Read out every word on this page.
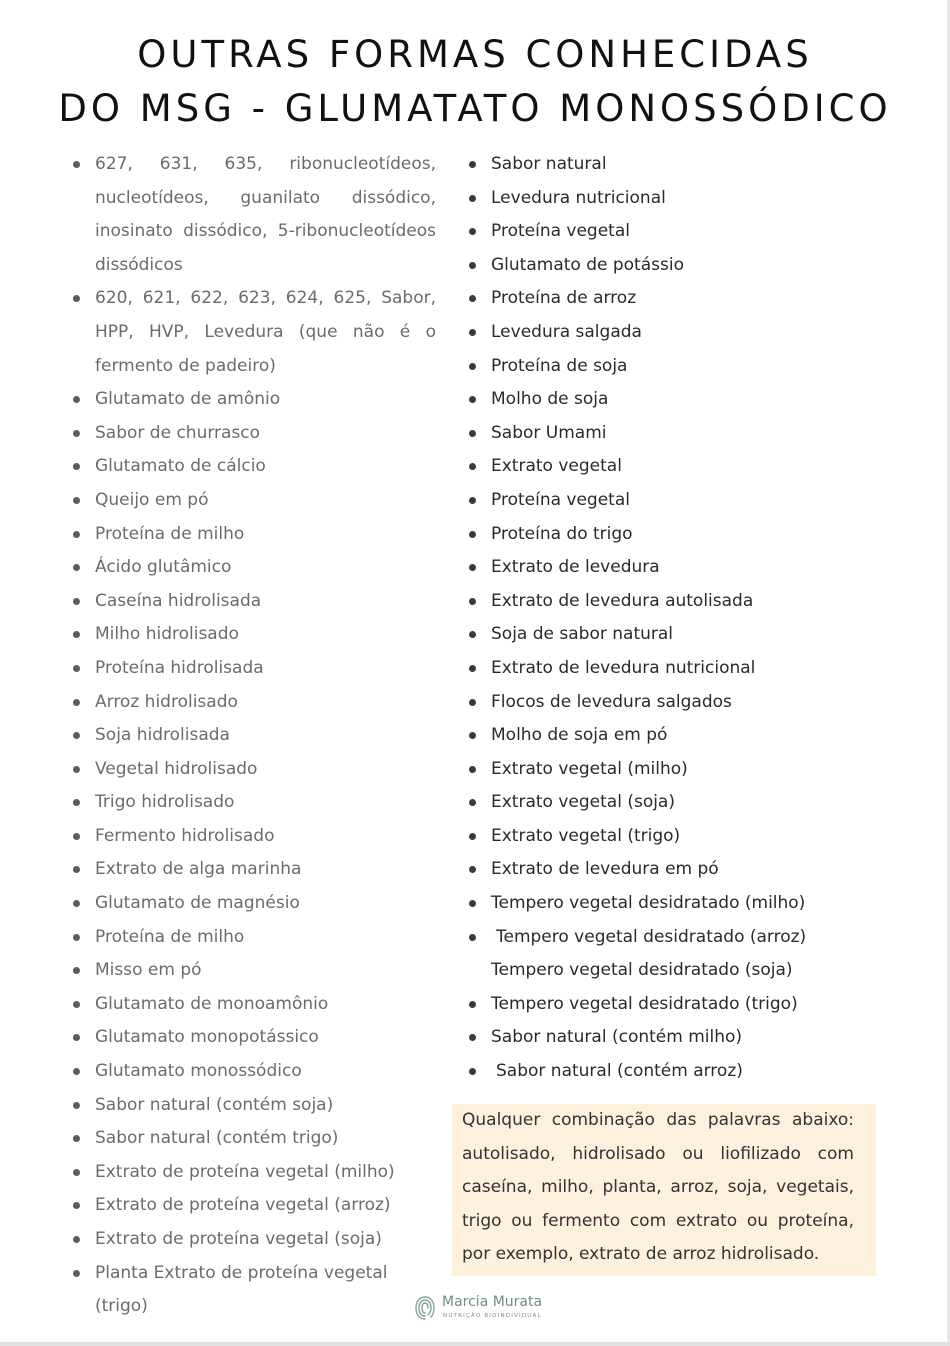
OUTRAS FORMAS CONHECIDAS
DO MSG - GLUMATATO MONOSSÓDICO
627, 631, 635, ribonucleotídeos, nucleotídeos, guanilato dissódico, inosinato dissódico, 5-ribonucleotídeos dissódicos
620, 621, 622, 623, 624, 625, Sabor, HPP, HVP, Levedura (que não é o fermento de padeiro)
Glutamato de amônio
Sabor de churrasco
Glutamato de cálcio
Queijo em pó
Proteína de milho
Ácido glutâmico
Caseína hidrolisada
Milho hidrolisado
Proteína hidrolisada
Arroz hidrolisado
Soja hidrolisada
Vegetal hidrolisado
Trigo hidrolisado
Fermento hidrolisado
Extrato de alga marinha
Glutamato de magnésio
Proteína de milho
Misso em pó
Glutamato de monoamônio
Glutamato monopotássico
Glutamato monossódico
Sabor natural (contém soja)
Sabor natural (contém trigo)
Extrato de proteína vegetal (milho)
Extrato de proteína vegetal (arroz)
Extrato de proteína vegetal (soja)
Planta Extrato de proteína vegetal (trigo)
Sabor natural
Levedura nutricional
Proteína vegetal
Glutamato de potássio
Proteína de arroz
Levedura salgada
Proteína de soja
Molho de soja
Sabor Umami
Extrato vegetal
Proteína vegetal
Proteína do trigo
Extrato de levedura
Extrato de levedura autolisada
Soja de sabor natural
Extrato de levedura nutricional
Flocos de levedura salgados
Molho de soja em pó
Extrato vegetal (milho)
Extrato vegetal (soja)
Extrato vegetal (trigo)
Extrato de levedura em pó
Tempero vegetal desidratado (milho)
Tempero vegetal desidratado (arroz)
Tempero vegetal desidratado (soja)
Tempero vegetal desidratado (trigo)
Sabor natural (contém milho)
Sabor natural (contém arroz)

Qualquer combinação das palavras abaixo: autolisado, hidrolisado ou liofilizado com caseína, milho, planta, arroz, soja, vegetais, trigo ou fermento com extrato ou proteína, por exemplo, extrato de arroz hidrolisado.

Marcia Murata
NUTRIÇÃO BIOINDIVIDUAL
